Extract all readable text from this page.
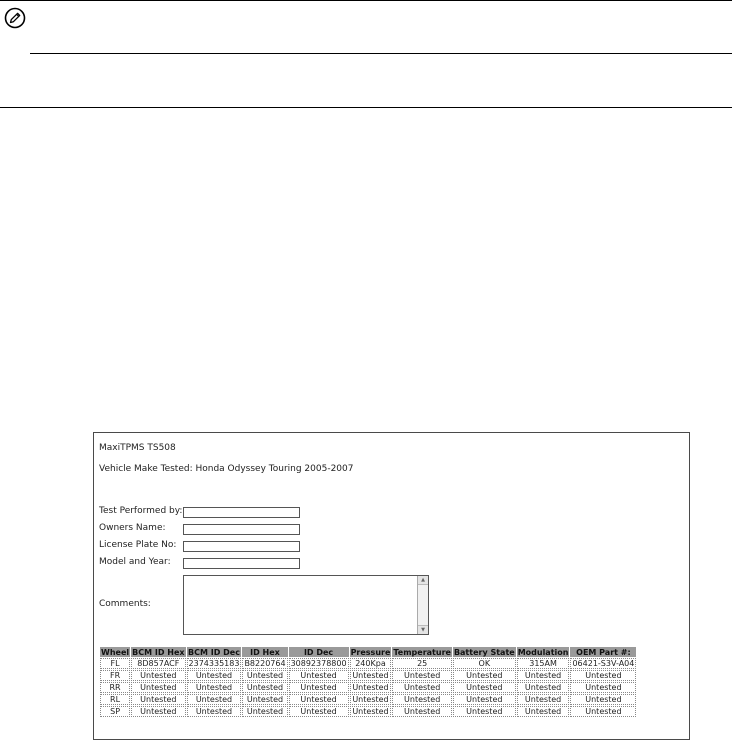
MaxiTPMS TS508
Vehicle Make Tested: Honda Odyssey Touring 2005-2007
Test Performed by:
Owners Name:
License Plate No:
Model and Year:
Comments:
▲
▼
Wheel	BCM ID Hex	BCM ID Dec	ID Hex	ID Dec	Pressure	Temperature	Battery State	Modulation	OEM Part #:
FL	8D857ACF	2374335183	B8220764	30892378800	240Kpa	25	OK	315AM	06421-S3V-A04
FR	Untested	Untested	Untested	Untested	Untested	Untested	Untested	Untested	Untested
RR	Untested	Untested	Untested	Untested	Untested	Untested	Untested	Untested	Untested
RL	Untested	Untested	Untested	Untested	Untested	Untested	Untested	Untested	Untested
SP	Untested	Untested	Untested	Untested	Untested	Untested	Untested	Untested	Untested
